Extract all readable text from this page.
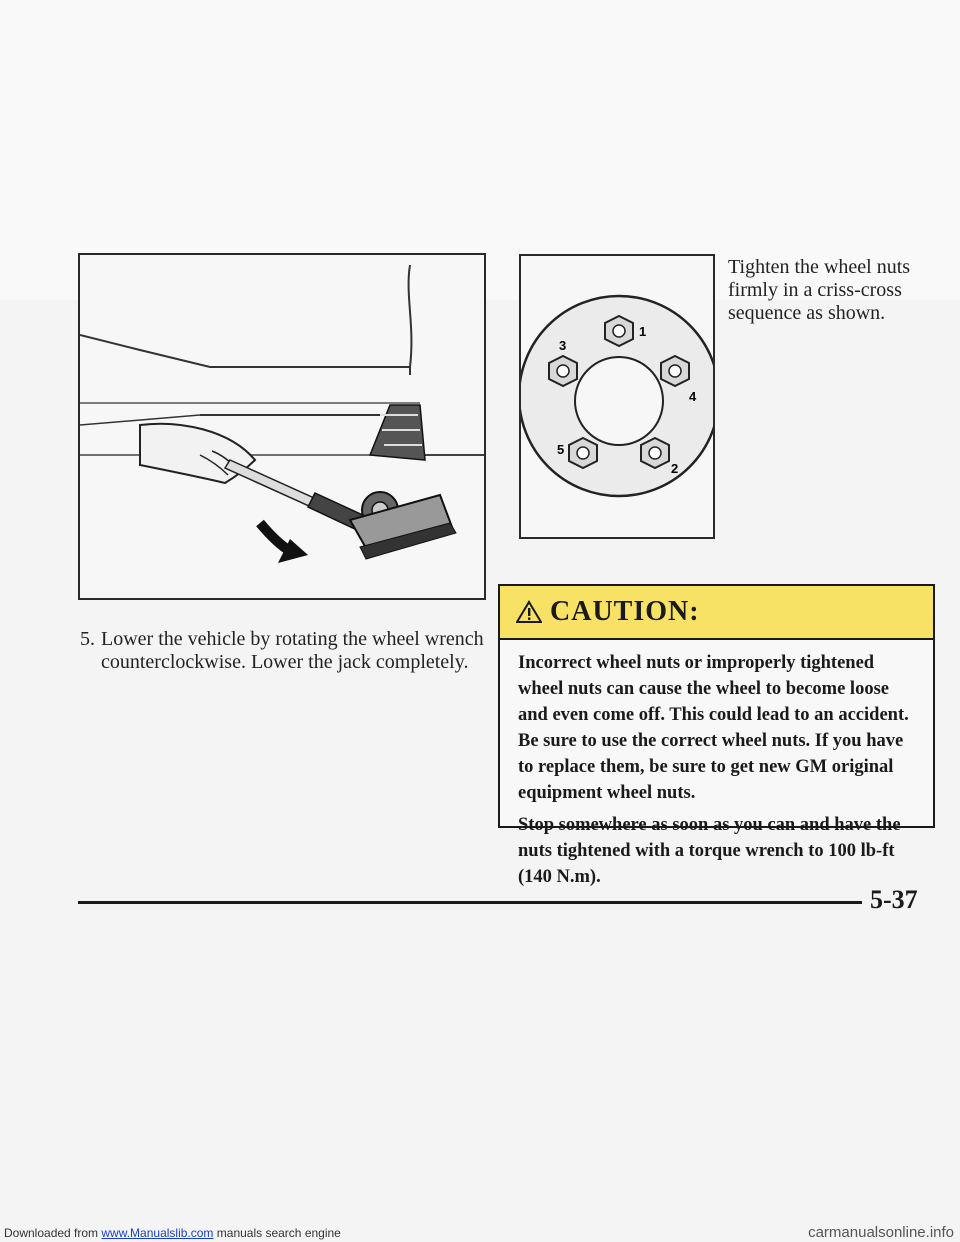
1
2
3
4
5
Tighten the wheel nuts firmly in a criss-cross sequence as shown.
5. Lower the vehicle by rotating the wheel wrench counterclockwise. Lower the jack completely.
CAUTION:

Incorrect wheel nuts or improperly tightened wheel nuts can cause the wheel to become loose and even come off. This could lead to an accident. Be sure to use the correct wheel nuts. If you have to replace them, be sure to get new GM original equipment wheel nuts.

Stop somewhere as soon as you can and have the nuts tightened with a torque wrench to 100 lb-ft (140 N.m).

5-37
Downloaded from www.Manualslib.com manuals search engine	carmanualsonline.info
